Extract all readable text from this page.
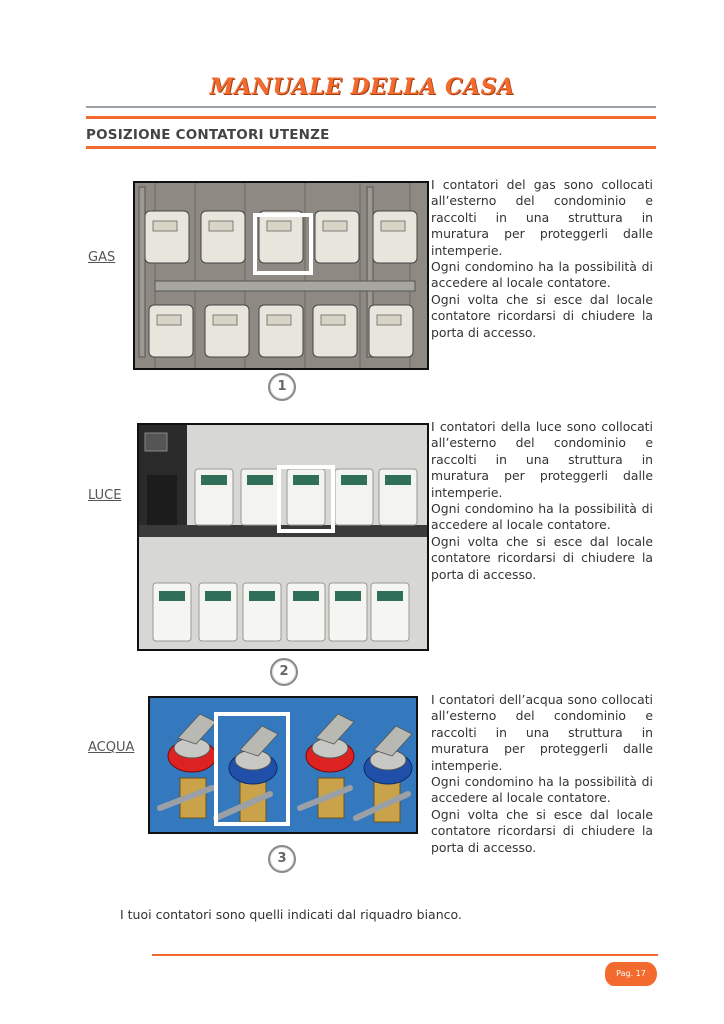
MANUALE DELLA CASA
POSIZIONE CONTATORI UTENZE
GAS
1

I contatori del gas sono collocati all’esterno del condominio e raccolti in una struttura in muratura per proteggerli dalle intemperie.

Ogni condomino ha la possibilità di accedere al locale contatore.

Ogni volta che si esce dal locale contatore ricordarsi di chiudere la porta di accesso.

LUCE
2

I contatori della luce sono collocati all’esterno del condominio e raccolti in una struttura in muratura per proteggerli dalle intemperie.

Ogni condomino ha la possibilità di accedere al locale contatore.

Ogni volta che si esce dal locale contatore ricordarsi di chiudere la porta di accesso.

ACQUA
3

I contatori dell’acqua sono collocati all’esterno del condominio e raccolti in una struttura in muratura per proteggerli dalle intemperie.

Ogni condomino ha la possibilità di accedere al locale contatore.

Ogni volta che si esce dal locale contatore ricordarsi di chiudere la porta di accesso.

I tuoi contatori sono quelli indicati dal riquadro bianco.
Pag. 17
